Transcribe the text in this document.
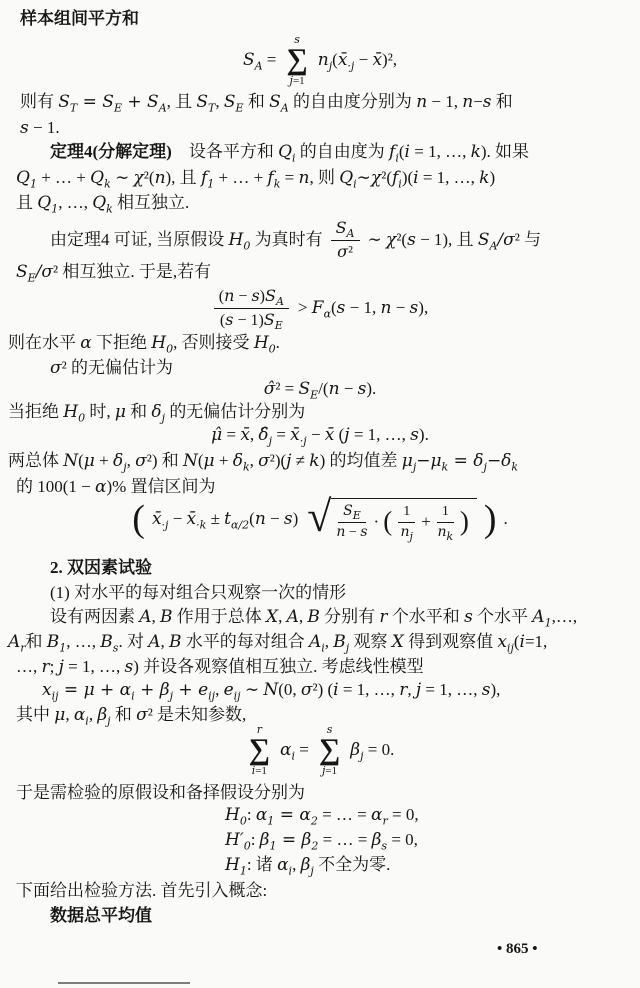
样本组间平方和
$S_A$ =
s
∑
j=1
$n_j(x̄_{\cdot j}$ − x̄)²,
则有 $S_T = S_E + S_A$, 且 $S_T$, $S_E$ 和 $S_A$ 的自由度分别为 n − 1, n−s 和
s − 1.
定理4(分解定理)　设各平方和 $Q_i$ 的自由度为 $f_i(i = 1$, …, k). 如果
$Q_1$ + … + $Q_k$ ∼ χ²(n), 且 $f_1$ + … + $f_k = n$, 则 $Q_i\sim\chi^2(f_i)(i = 1$, …, k)
且 $Q_1$, …, $Q_k$ 相互独立.
由定理4 可证, 当原假设 $H_0$ 为真时有 $\frac{S_A}{\text{σ²}}$ ∼ χ²(s − 1), 且 $S_A/\sigma^2$ 与
$S_E/\sigma^2$ 相互独立. 于是,若有
$\frac{(n - s)S_A}{(s - 1)S_E} > F_\alpha(s - 1$, n − s),
则在水平 α 下拒绝 $H_0$, 否则接受 $H_0$.
σ² 的无偏估计为
σ̂² = $S_E/(n - s)$.
当拒绝 $H_0$ 时, μ 和 $\delta_j$ 的无偏估计分别为
μ̂ = x̄, $\deltâ_j$ = $x̄_{\cdot j}$ − x̄ (j = 1, …, s).
两总体 $N(\mu + \delta_j$, σ²) 和 $N(\mu + \delta_k$, σ²)(j ≠ k) 的均值差 $\mu_j-\mu_k = \delta_j-\delta_k$
的 100(1 − α)% 置信区间为
( $x̄_{\cdot j}$ − $x̄_{\cdot k} \pm t_{\alpha/2}(n - s)$ √ $\frac{S_E}{n - s}$ · ( $\frac{1}{n_j} + \frac{1}{n_k}$ ) ) .
2. 双因素试验
(1) 对水平的每对组合只观察一次的情形
设有两因素 A, B 作用于总体 X, A, B 分别有 r 个水平和 s 个水平 $A_1,\dots$,
$A_r$和 $B_1$, …, $B_s$. 对 A, B 水平的每对组合 $A_i$, $B_j$ 观察 X 得到观察值 $x_{ij}(i=1$,
…, r; j = 1, …, s) 并设各观察值相互独立. 考虑线性模型
$x_{ij} = \mu + \alpha_i + \beta_j + e_{ij}$, $e_{ij}$ ∼ N(0, σ²) (i = 1, …, r, j = 1, …, s),
其中 μ, $\alpha_i$, $\beta_j$ 和 σ² 是未知参数,
r
∑
i=1
$\alpha_i$ =
s
∑
j=1
$\beta_j = 0$.
于是需检验的原假设和备择假设分别为
$H_0$: $\alpha_1 = \alpha_2$ = … = $\alpha_r = 0$,
$H'_0$: $\beta_1 = \beta_2$ = … = $\beta_s = 0$,
$H_1$: 诸 $\alpha_i$, $\beta_j$ 不全为零.
下面给出检验方法. 首先引入概念:
数据总平均值
• 865 •
